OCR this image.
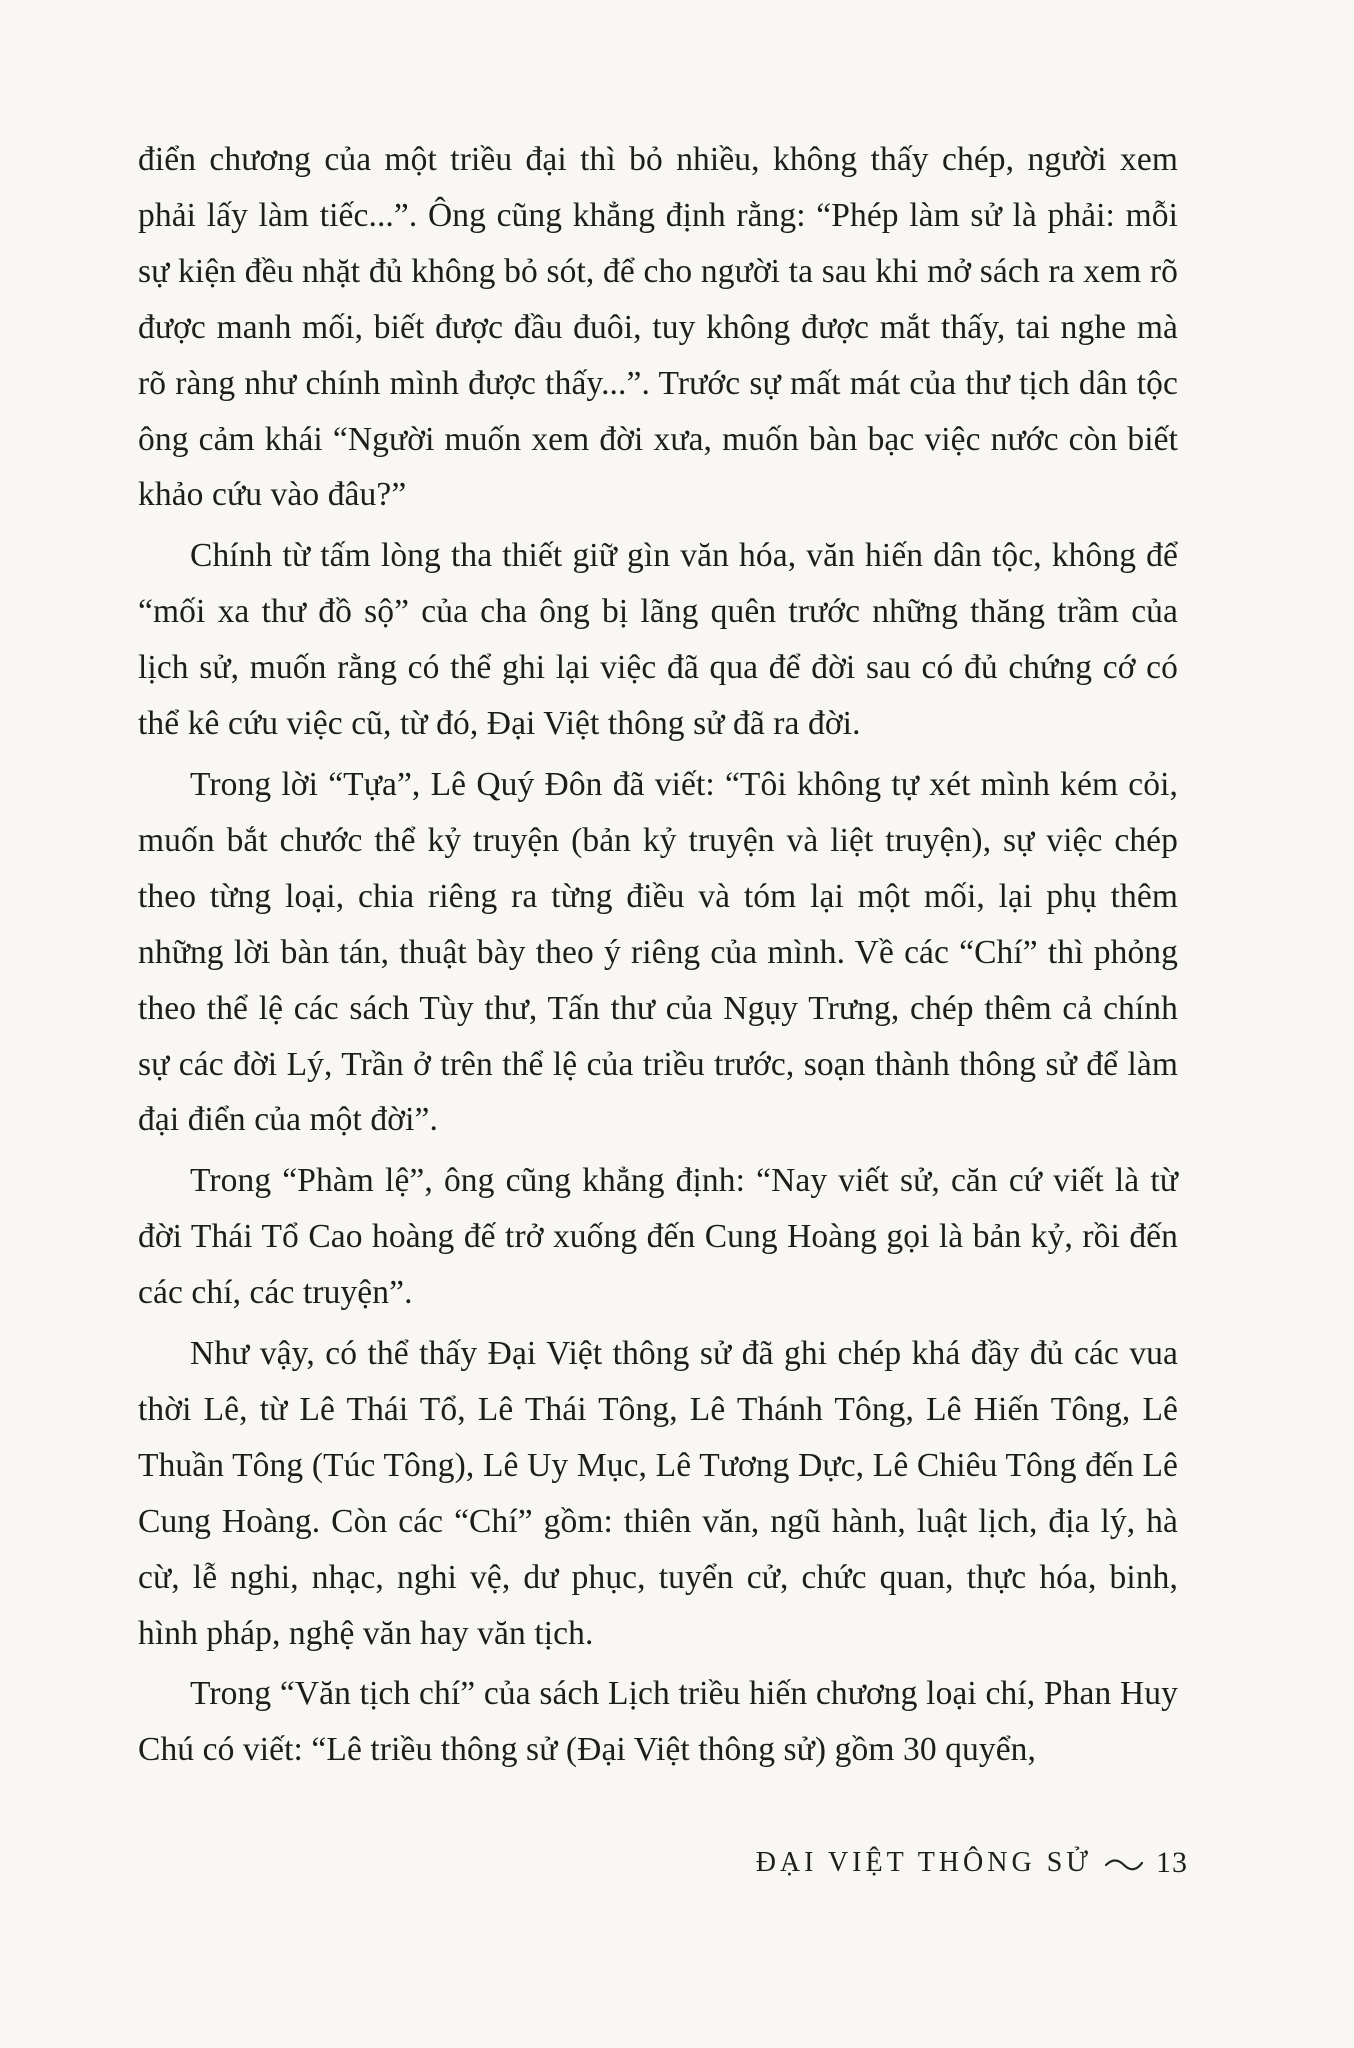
điển chương của một triều đại thì bỏ nhiều, không thấy chép, người xem phải lấy làm tiếc...”. Ông cũng khẳng định rằng: “Phép làm sử là phải: mỗi sự kiện đều nhặt đủ không bỏ sót, để cho người ta sau khi mở sách ra xem rõ được manh mối, biết được đầu đuôi, tuy không được mắt thấy, tai nghe mà rõ ràng như chính mình được thấy...”. Trước sự mất mát của thư tịch dân tộc ông cảm khái “Người muốn xem đời xưa, muốn bàn bạc việc nước còn biết khảo cứu vào đâu?”

Chính từ tấm lòng tha thiết giữ gìn văn hóa, văn hiến dân tộc, không để “mối xa thư đồ sộ” của cha ông bị lãng quên trước những thăng trầm của lịch sử, muốn rằng có thể ghi lại việc đã qua để đời sau có đủ chứng cớ có thể kê cứu việc cũ, từ đó, Đại Việt thông sử đã ra đời.

Trong lời “Tựa”, Lê Quý Đôn đã viết: “Tôi không tự xét mình kém cỏi, muốn bắt chước thể kỷ truyện (bản kỷ truyện và liệt truyện), sự việc chép theo từng loại, chia riêng ra từng điều và tóm lại một mối, lại phụ thêm những lời bàn tán, thuật bày theo ý riêng của mình. Về các “Chí” thì phỏng theo thể lệ các sách Tùy thư, Tấn thư của Ngụy Trưng, chép thêm cả chính sự các đời Lý, Trần ở trên thể lệ của triều trước, soạn thành thông sử để làm đại điển của một đời”.

Trong “Phàm lệ”, ông cũng khẳng định: “Nay viết sử, căn cứ viết là từ đời Thái Tổ Cao hoàng đế trở xuống đến Cung Hoàng gọi là bản kỷ, rồi đến các chí, các truyện”.

Như vậy, có thể thấy Đại Việt thông sử đã ghi chép khá đầy đủ các vua thời Lê, từ Lê Thái Tổ, Lê Thái Tông, Lê Thánh Tông, Lê Hiến Tông, Lê Thuần Tông (Túc Tông), Lê Uy Mục, Lê Tương Dực, Lê Chiêu Tông đến Lê Cung Hoàng. Còn các “Chí” gồm: thiên văn, ngũ hành, luật lịch, địa lý, hà cừ, lễ nghi, nhạc, nghi vệ, dư phục, tuyển cử, chức quan, thực hóa, binh, hình pháp, nghệ văn hay văn tịch.

Trong “Văn tịch chí” của sách Lịch triều hiến chương loại chí, Phan Huy Chú có viết: “Lê triều thông sử (Đại Việt thông sử) gồm 30 quyển,

ĐẠI VIỆT THÔNG SỬ 13
